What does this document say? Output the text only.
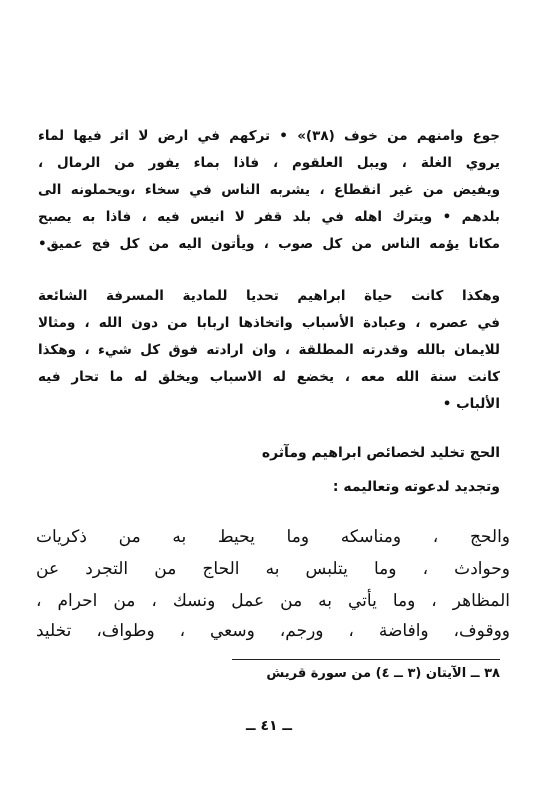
جوع وامنهم من خوف (٣٨)» • تركهم في ارض لا اثر فيها لماء
يروي الغلة ، ويبل العلقوم ، فاذا بماء يفور من الرمال ،
ويفيض من غير انقطاع ، يشربه الناس في سخاء ،ويحملونه الى
بلدهم • ويترك اهله في بلد قفر لا انيس فيه ، فاذا به يصبح
مكانا يؤمه الناس من كل صوب ، ويأتون اليه من كل فج عميق•
وهكذا كانت حياة ابراهيم تحديا للمادية المسرفة الشائعة
في عصره ، وعبادة الأسباب واتخاذها اربابا من دون الله ، ومثالا
للايمان بالله وقدرته المطلقة ، وان ارادته فوق كل شيء ، وهكذا
كانت سنة الله معه ، يخضع له الاسباب ويخلق له ما تحار فيه
الألباب •
الحج تخليد لخصائص ابراهيم ومآثره
وتجديد لدعوته وتعاليمه :
والحج ، ومناسكه وما يحيط به من ذكريات
وحوادث ، وما يتلبس به الحاج من التجرد عن
المظاهر ، وما يأتي به من عمل ونسك ، من احرام ،
ووقوف، وافاضة ، ورجم، وسعي ، وطواف، تخليد
٣٨ ــ الآيتان (٣ ــ ٤) من سورة قريش
ــ ٤١ ــ
